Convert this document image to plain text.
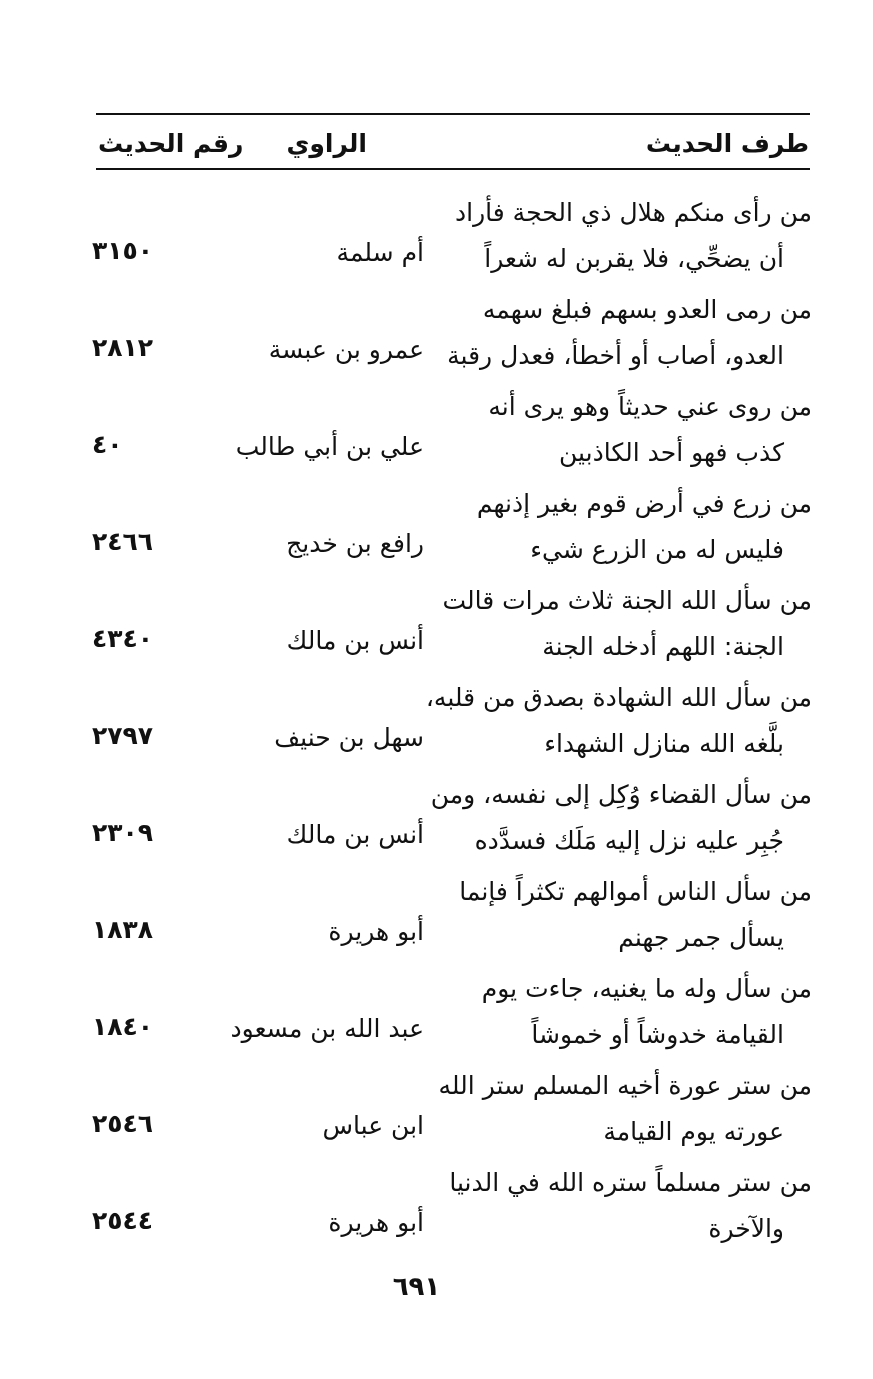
طرف الحديث
الراوي
رقم الحديث
من رأى منكم هلال ذي الحجة فأراد
أن يضحِّي، فلا يقربن له شعراً
أم سلمة
٣١٥٠
من رمى العدو بسهم فبلغ سهمه
العدو، أصاب أو أخطأ، فعدل رقبة
عمرو بن عبسة
٢٨١٢
من روى عني حديثاً وهو يرى أنه
كذب فهو أحد الكاذبين
علي بن أبي طالب
٤٠
من زرع في أرض قوم بغير إذنهم
فليس له من الزرع شيء
رافع بن خديج
٢٤٦٦
من سأل الله الجنة ثلاث مرات قالت
الجنة: اللهم أدخله الجنة
أنس بن مالك
٤٣٤٠
من سأل الله الشهادة بصدق من قلبه،
بلَّغه الله منازل الشهداء
سهل بن حنيف
٢٧٩٧
من سأل القضاء وُكِل إلى نفسه، ومن
جُبِر عليه نزل إليه مَلَك فسدَّده
أنس بن مالك
٢٣٠٩
من سأل الناس أموالهم تكثراً فإنما
يسأل جمر جهنم
أبو هريرة
١٨٣٨
من سأل وله ما يغنيه، جاءت يوم
القيامة خدوشاً أو خموشاً
عبد الله بن مسعود
١٨٤٠
من ستر عورة أخيه المسلم ستر الله
عورته يوم القيامة
ابن عباس
٢٥٤٦
من ستر مسلماً ستره الله في الدنيا
والآخرة
أبو هريرة
٢٥٤٤
٦٩١
